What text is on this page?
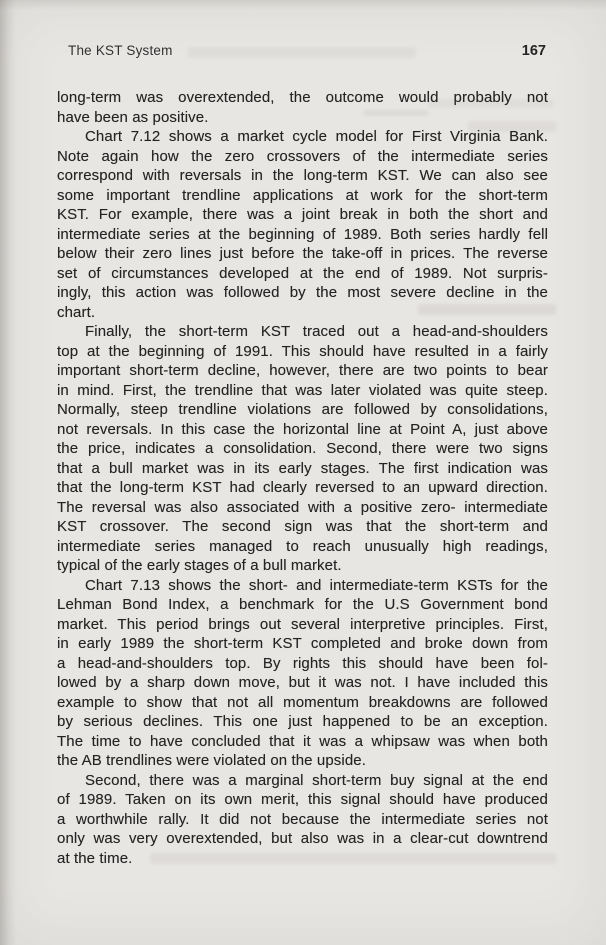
The KST System	167
long-term was overextended, the outcome would probably not
have been as positive.
Chart 7.12 shows a market cycle model for First Virginia Bank.
Note again how the zero crossovers of the intermediate series
correspond with reversals in the long-term KST. We can also see
some important trendline applications at work for the short-term
KST. For example, there was a joint break in both the short and
intermediate series at the beginning of 1989. Both series hardly fell
below their zero lines just before the take-off in prices. The reverse
set of circumstances developed at the end of 1989. Not surpris-
ingly, this action was followed by the most severe decline in the
chart.
Finally, the short-term KST traced out a head-and-shoulders
top at the beginning of 1991. This should have resulted in a fairly
important short-term decline, however, there are two points to bear
in mind. First, the trendline that was later violated was quite steep.
Normally, steep trendline violations are followed by consolidations,
not reversals. In this case the horizontal line at Point A, just above
the price, indicates a consolidation. Second, there were two signs
that a bull market was in its early stages. The first indication was
that the long-term KST had clearly reversed to an upward direction.
The reversal was also associated with a positive zero- intermediate
KST crossover. The second sign was that the short-term and
intermediate series managed to reach unusually high readings,
typical of the early stages of a bull market.
Chart 7.13 shows the short- and intermediate-term KSTs for the
Lehman Bond Index, a benchmark for the U.S Government bond
market. This period brings out several interpretive principles. First,
in early 1989 the short-term KST completed and broke down from
a head-and-shoulders top. By rights this should have been fol-
lowed by a sharp down move, but it was not. I have included this
example to show that not all momentum breakdowns are followed
by serious declines. This one just happened to be an exception.
The time to have concluded that it was a whipsaw was when both
the AB trendlines were violated on the upside.
Second, there was a marginal short-term buy signal at the end
of 1989. Taken on its own merit, this signal should have produced
a worthwhile rally. It did not because the intermediate series not
only was very overextended, but also was in a clear-cut downtrend
at the time.
